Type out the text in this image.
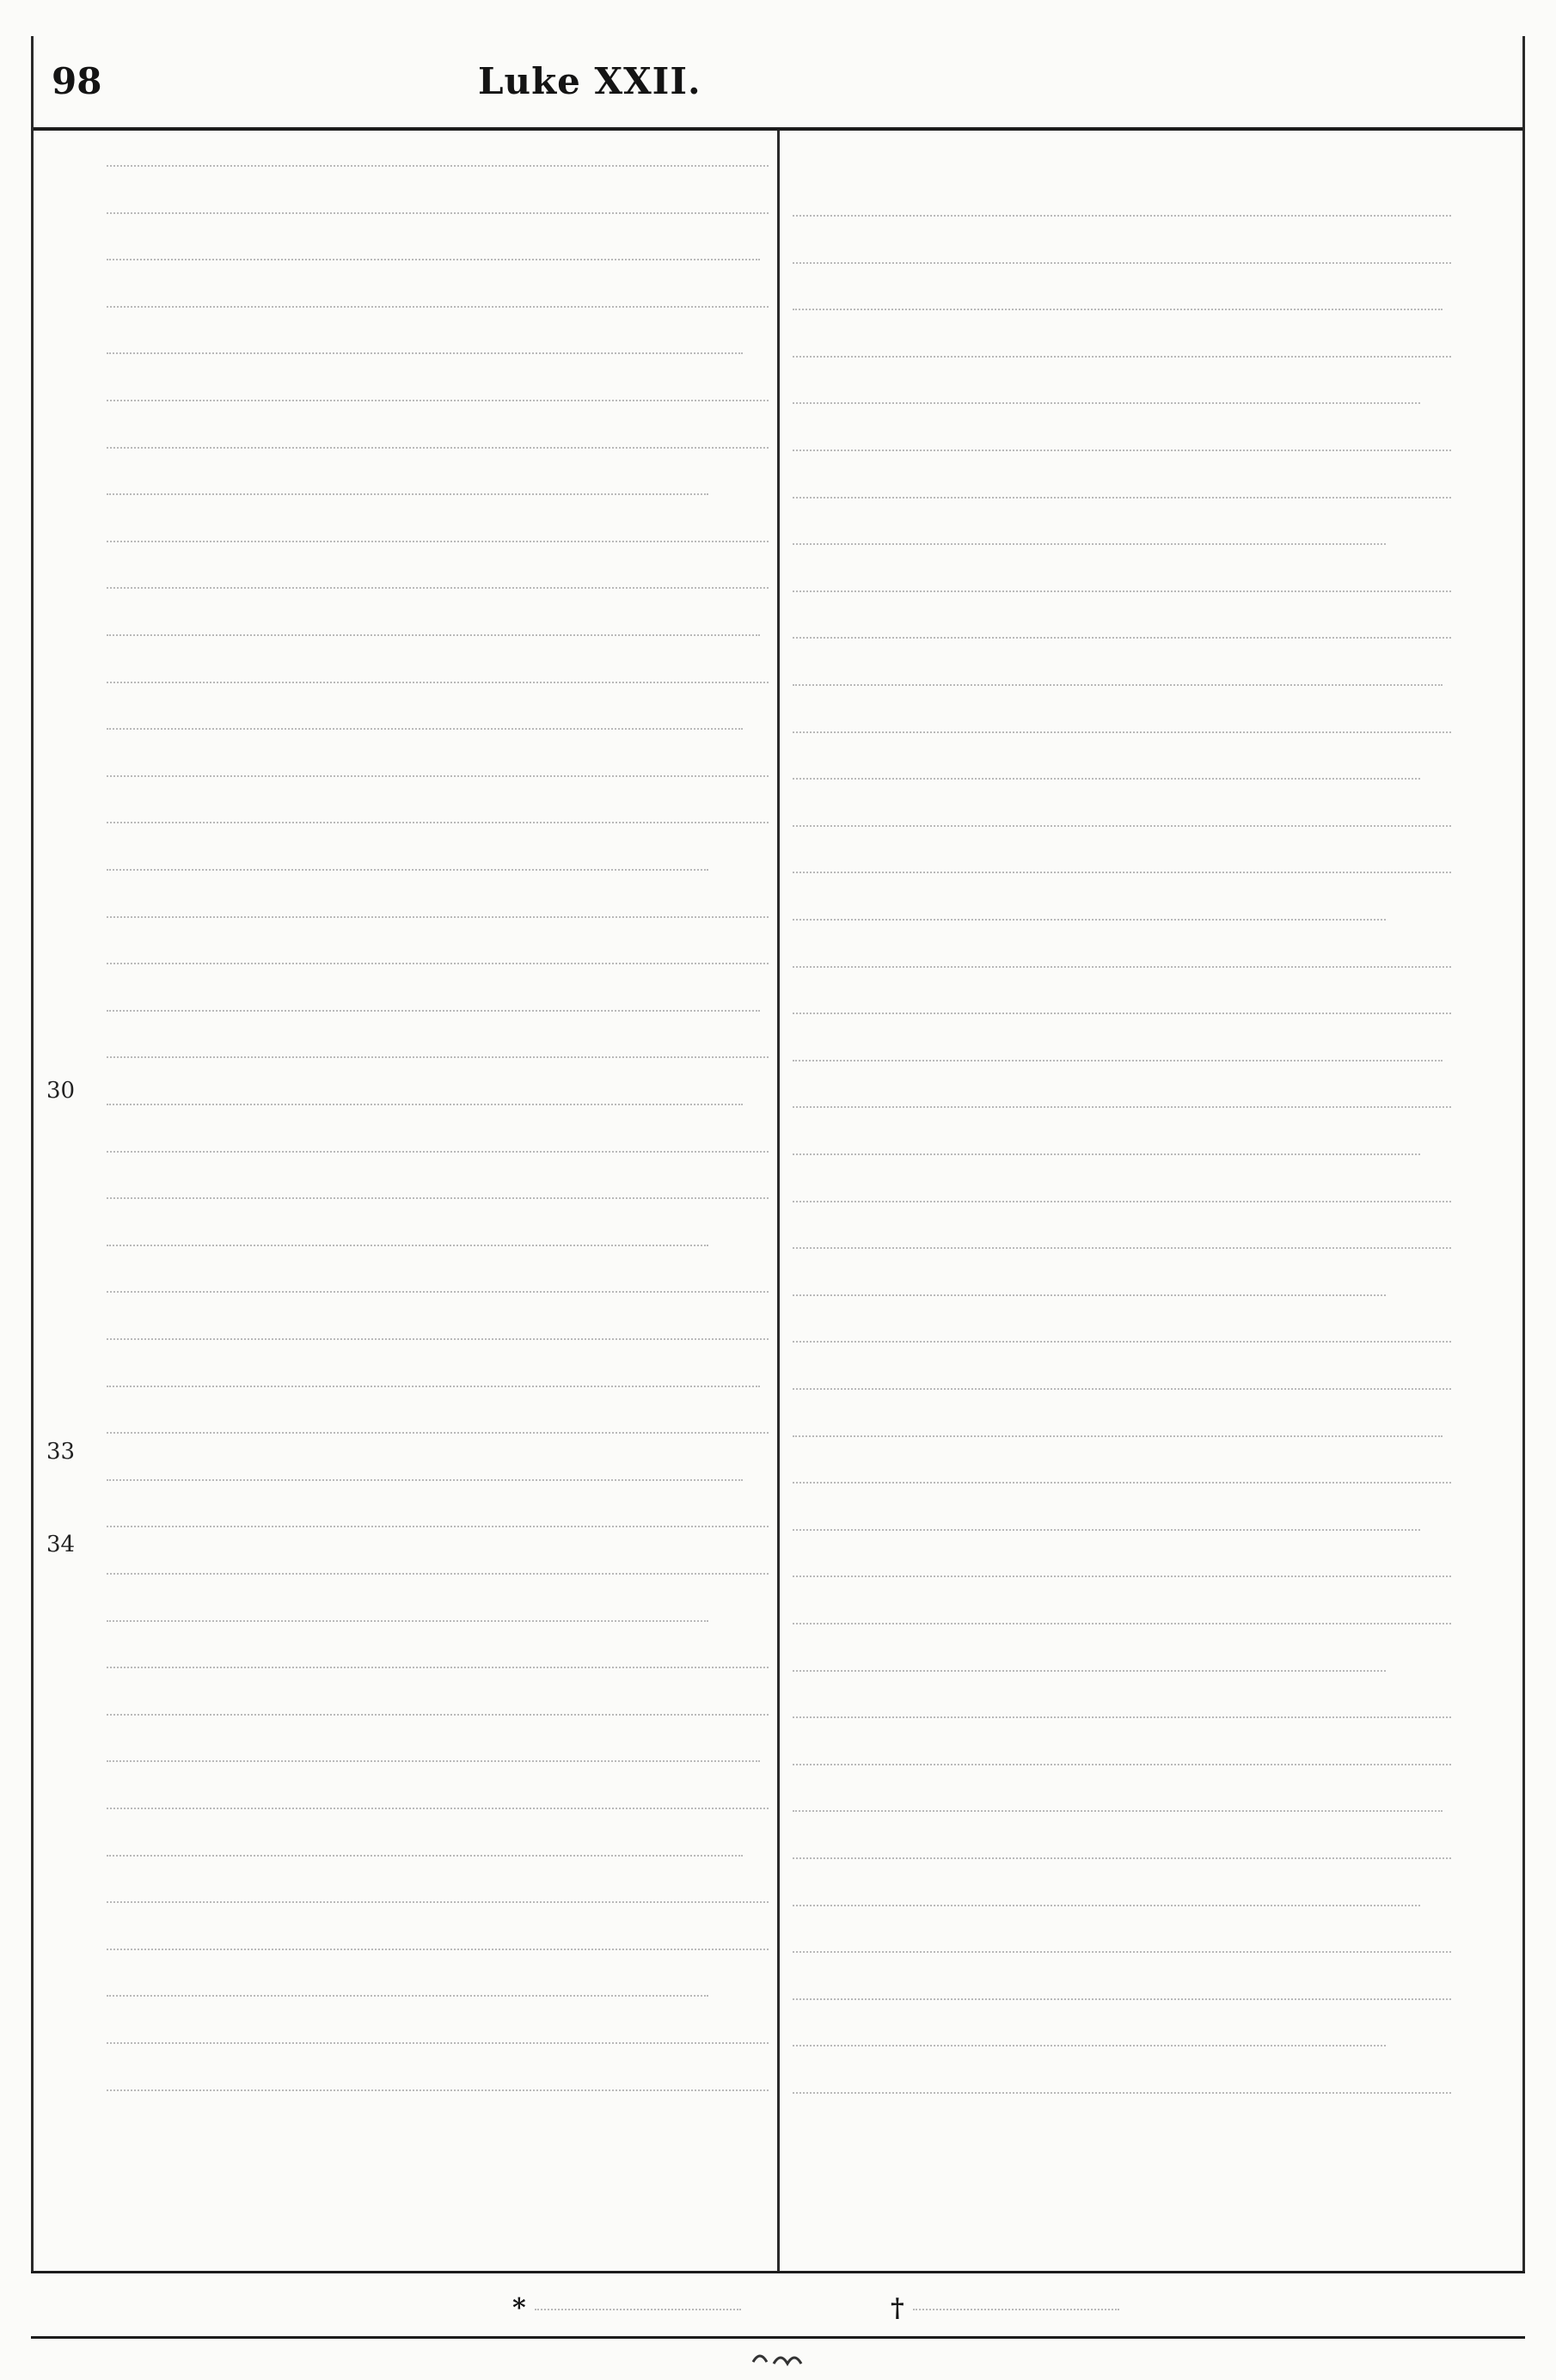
98	Luke XXII.
30
33
34
*	†
